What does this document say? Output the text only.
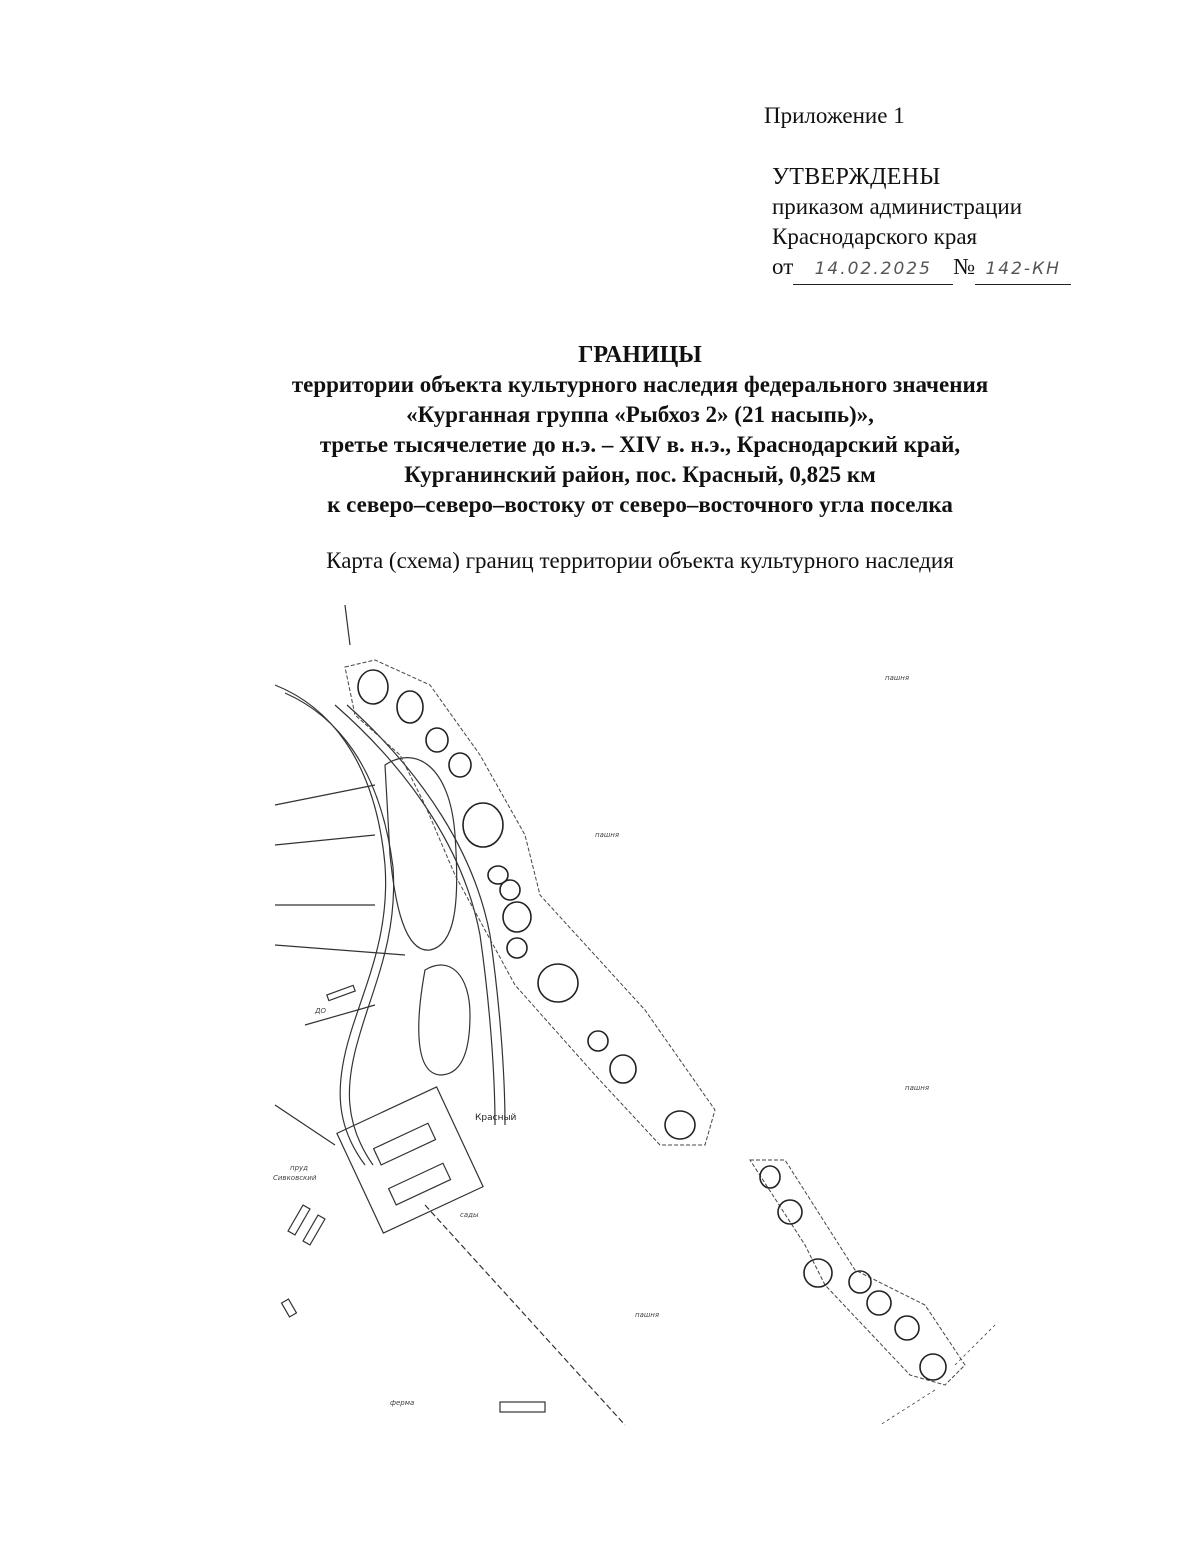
Приложение 1
УТВЕРЖДЕНЫ
приказом администрации
Краснодарского края
от 14.02.2025 № 142-КН
ГРАНИЦЫ
территории объекта культурного наследия федерального значения
«Курганная группа «Рыбхоз 2» (21 насыпь)»,
третье тысячелетие до н.э. – XIV в. н.э., Краснодарский край,
Курганинский район, пос. Красный, 0,825 км
к северо–северо–востоку от северо–восточного угла поселка
Карта (схема) границ территории объекта культурного наследия
пашня
пашня
пашня
пашня
ферма
Красный
сады
пруд
Сивковский
ДО
